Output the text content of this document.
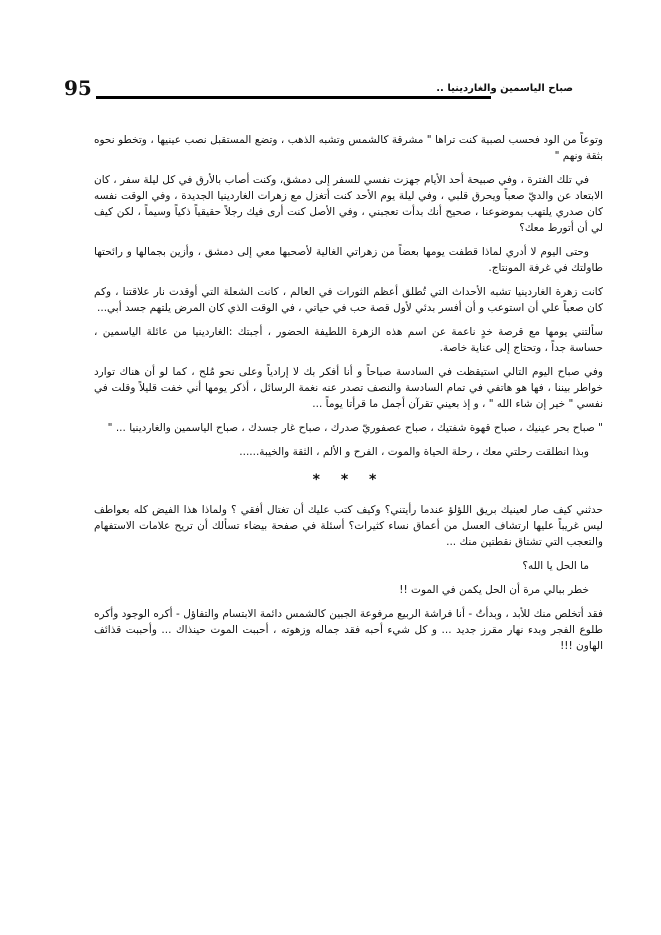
95	صباح الياسمين والغاردينيا ..

وتوعاً من الود فحسب لصبية كنت تراها " مشرقة كالشمس وتشبه الذهب ، وتضع المستقبل نصب عينيها ، وتخطو نحوه بثقة ونهم "

في تلك الفترة ، وفي صبيحة أحد الأيام جهزت نفسي للسفر إلى دمشق، وكنت أصاب بالأرق في كل ليلة سفر ، كان الابتعاد عن والديّ صعباً ويحرق قلبي ، وفي ليلة يوم الأحد كنت أتغزل مع زهرات الغاردينيا الجديدة ، وفي الوقت نفسه كان صدري يلتهب بموضوعنا ، صحيح أنك بدأت تعجبني ، وفي الأصل كنت أرى فيك رجلاً حقيقياً ذكياً وسيماً ، لكن كيف لي أن أتورط معك؟

وحتى اليوم لا أدري لماذا قطفت يومها بعضاً من زهراتي الغالية لأصحبها معي إلى دمشق ، وأزين بجمالها و رائحتها طاولتك في غرفة المونتاج.

كانت زهرة الغاردينيا تشبه الأحداث التي تُطلق أعظم الثورات في العالم ، كانت الشعلة التي أوقدت نار علاقتنا ، وكم كان صعباً علي أن استوعب و أن أفسر بدئي لأول قصة حب في حياتي ، في الوقت الذي كان المرض يلتهم جسد أبي...

سألتني يومها مع قرصة خدٍ ناعمة عن اسم هذه الزهرة اللطيفة الحضور ، أجبتك :الغاردينيا من عائلة الياسمين ، حساسة جداً ، وتحتاج إلى عناية خاصة.

وفي صباح اليوم التالي استيقظت في السادسة صباحاً و أنا أفكر بك لا إرادياً وعلى نحو مُلح ، كما لو أن هناك توارد خواطر بيننا ، فها هو هاتفي في تمام السادسة والنصف تصدر عنه نغمة الرسائل ، أذكر يومها أني خفت قليلاً وقلت في نفسي " خير إن شاء الله " ، و إذ بعيني تقرآن أجمل ما قرأتا يوماً ...

" صباح بحر عينيك ، صباح قهوة شفتيك ، صباح عصفوريّ صدرك ، صباح غار جسدك ، صباح الياسمين والغاردينيا ... "

وبذا انطلقت رحلتي معك ، رحلة الحياة والموت ، الفرح و الألم ، الثقة والخيبة......

* * *

حدثني كيف صار لعينيك بريق اللؤلؤ عندما رأيتني؟ وكيف كتب عليك أن تغتال أفقي ؟ ولماذا هذا الفيض كله بعواطف ليس غريباً عليها ارتشاف العسل من أعماق نساء كثيرات؟ أسئلة في صفحة بيضاء تسألك أن تريح علامات الاستفهام والتعجب التي تشتاق نقطتين منك ...

ما الحل يا الله؟

خطر ببالي مرة أن الحل يكمن في الموت !!

فقد أتخلص منك للأبد ، وبدأتُ - أنا فراشة الربيع مرفوعة الجبين كالشمس دائمة الابتسام والتفاؤل - أكره الوجود وأكره طلوع الفجر وبدء نهار مقرز جديد ... و كل شيء أحبه فقد جماله وزهوته ، أحببت الموت حينذاك ... وأحببت قذائف الهاون !!!
